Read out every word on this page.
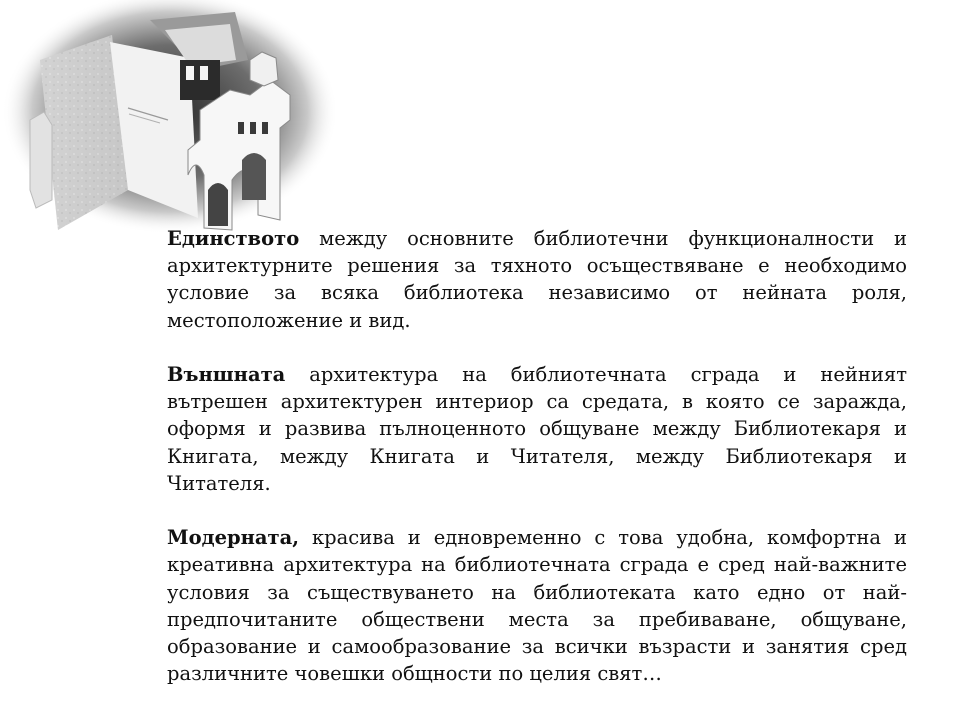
Единството между основните библиотечни функционалности и архитектурните решения за тяхното осъществяване е необходимо условие за всяка библиотека независимо от нейната роля, местоположение и вид.

Външната архитектура на библиотечната сграда и нейният вътрешен архитектурен интериор са средата, в която се заражда, оформя и развива пълноценното общуване между Библиотекаря и Книгата, между Книгата и Читателя, между Библиотекаря и Читателя.

Модерната, красива и едновременно с това удобна, комфортна и креативна архитектура на библиотечната сграда е сред най-важните условия за съществуването на библиотеката като едно от най-предпочитаните обществени места за пребиваване, общуване, образование и самообразование за всички възрасти и занятия сред различните човешки общности по целия свят…
